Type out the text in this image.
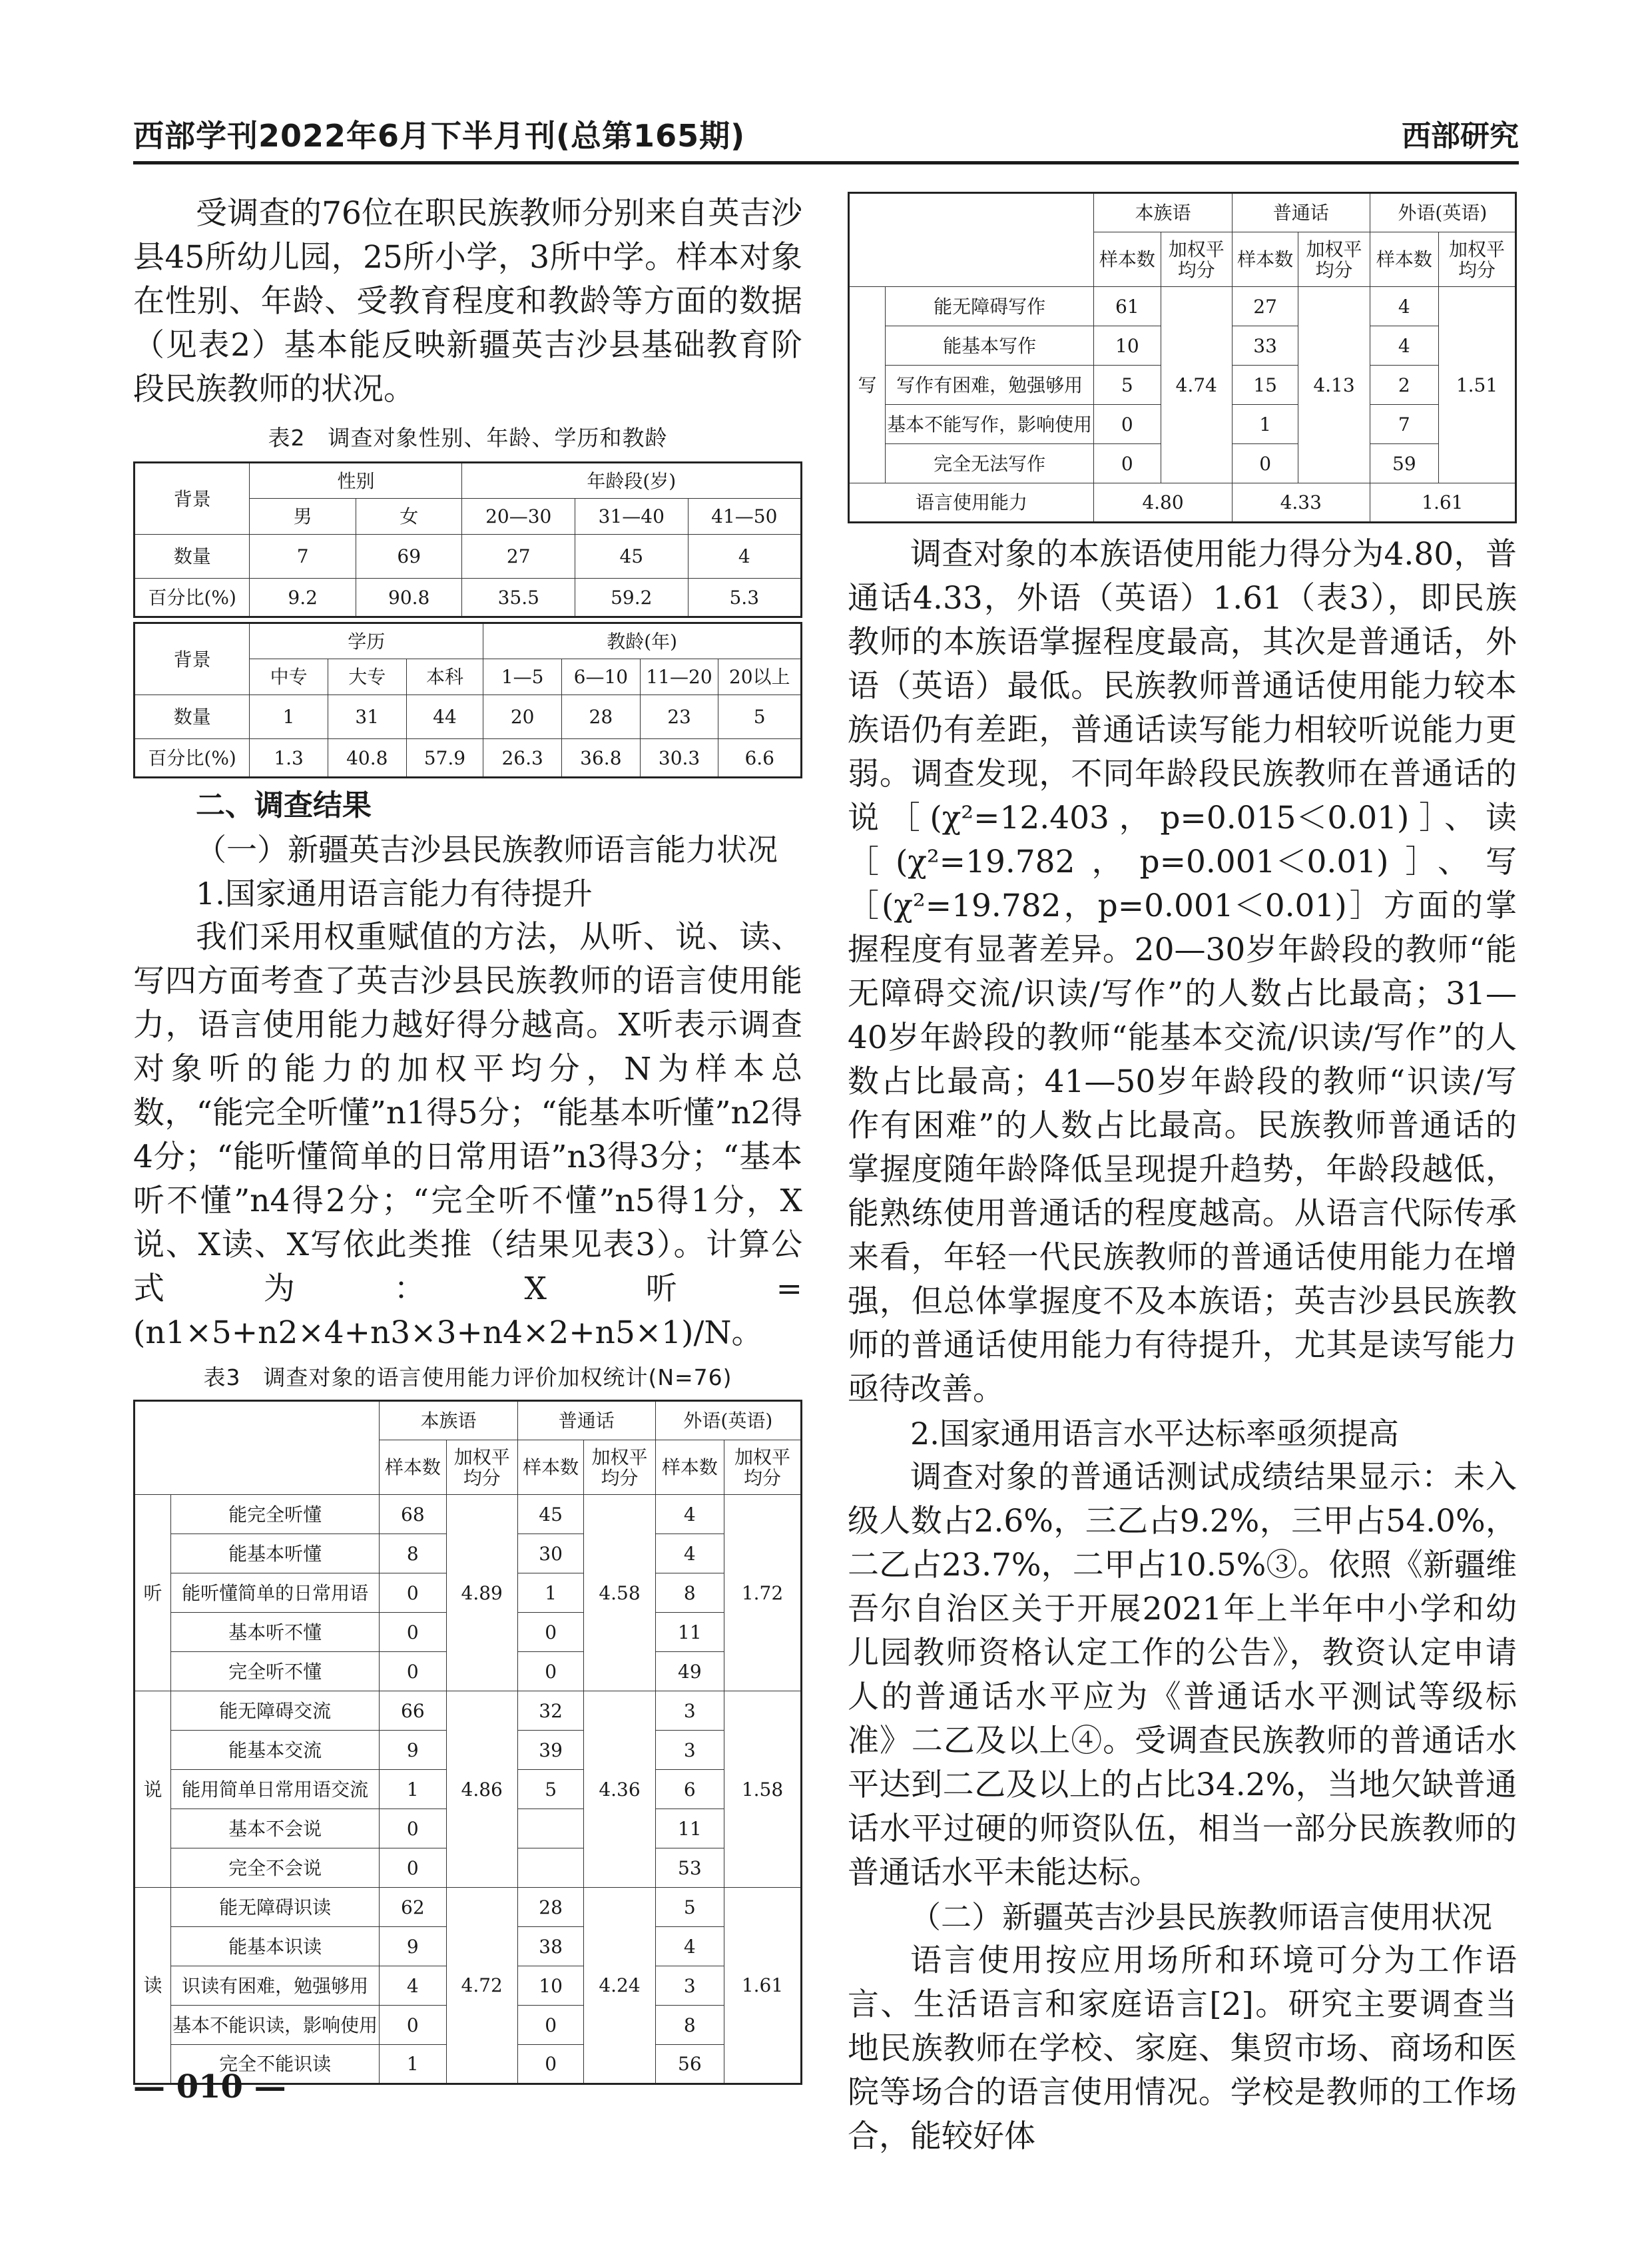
西部学刊2022年6月下半月刊(总第165期)	西部研究

受调查的76位在职民族教师分别来自英吉沙县45所幼儿园，25所小学，3所中学。样本对象在性别、年龄、受教育程度和教龄等方面的数据（见表2）基本能反映新疆英吉沙县基础教育阶段民族教师的状况。

表2　调查对象性别、年龄、学历和教龄
背景	性别		年龄段(岁)		
	男	女	20—30	31—40	41—50
数量	7	69	27	45	4
百分比(%)	9.2	90.8	35.5	59.2	5.3
背景	学历			教龄(年)			
	中专	大专	本科	1—5	6—10	11—20	20以上
数量	1	31	44	20	28	23	5
百分比(%)	1.3	40.8	57.9	26.3	36.8	30.3	6.6
二、调查结果
（一）新疆英吉沙县民族教师语言能力状况
1.国家通用语言能力有待提升

我们采用权重赋值的方法，从听、说、读、写四方面考查了英吉沙县民族教师的语言使用能力，语言使用能力越好得分越高。X听表示调查对象听的能力的加权平均分，N为样本总数，“能完全听懂”n1得5分；“能基本听懂”n2得4分；“能听懂简单的日常用语”n3得3分；“基本听不懂”n4得2分；“完全听不懂”n5得1分，X说、X读、X写依此类推（结果见表3）。计算公式为：X听=(n1×5+n2×4+n3×3+n4×2+n5×1)/N。

表3　调查对象的语言使用能力评价加权统计(N=76)
		本族语		普通话		外语(英语)	
		样本数	加权平均分	样本数	加权平均分	样本数	加权平均分
听	能完全听懂	68	4.89	45	4.58	4	1.72
	能基本听懂	8		30		4	
	能听懂简单的日常用语	0		1		8	
	基本听不懂	0		0		11	
	完全听不懂	0		0		49	
说	能无障碍交流	66	4.86	32	4.36	3	1.58
	能基本交流	9		39		3	
	能用简单日常用语交流	1		5		6	
	基本不会说	0				11	
	完全不会说	0				53	
读	能无障碍识读	62	4.72	28	4.24	5	1.61
	能基本识读	9		38		4	
	识读有困难，勉强够用	4		10		3	
	基本不能识读，影响使用	0		0		8	
	完全不能识读	1		0		56	
		本族语		普通话		外语(英语)	
		样本数	加权平均分	样本数	加权平均分	样本数	加权平均分
写	能无障碍写作	61	4.74	27	4.13	4	1.51
	能基本写作	10		33		4	
	写作有困难，勉强够用	5		15		2	
	基本不能写作，影响使用	0		1		7	
	完全无法写作	0		0		59	
语言使用能力		4.80		4.33		1.61	

调查对象的本族语使用能力得分为4.80，普通话4.33，外语（英语）1.61（表3），即民族教师的本族语掌握程度最高，其次是普通话，外语（英语）最低。民族教师普通话使用能力较本族语仍有差距，普通话读写能力相较听说能力更弱。调查发现，不同年龄段民族教师在普通话的说［(χ²=12.403，p=0.015＜0.01)］、读［(χ²=19.782，p=0.001＜0.01)］、写［(χ²=19.782，p=0.001＜0.01)］方面的掌握程度有显著差异。20—30岁年龄段的教师“能无障碍交流/识读/写作”的人数占比最高；31—40岁年龄段的教师“能基本交流/识读/写作”的人数占比最高；41—50岁年龄段的教师“识读/写作有困难”的人数占比最高。民族教师普通话的掌握度随年龄降低呈现提升趋势，年龄段越低，能熟练使用普通话的程度越高。从语言代际传承来看，年轻一代民族教师的普通话使用能力在增强，但总体掌握度不及本族语；英吉沙县民族教师的普通话使用能力有待提升，尤其是读写能力亟待改善。

2.国家通用语言水平达标率亟须提高

调查对象的普通话测试成绩结果显示：未入级人数占2.6%，三乙占9.2%，三甲占54.0%，二乙占23.7%，二甲占10.5%③。依照《新疆维吾尔自治区关于开展2021年上半年中小学和幼儿园教师资格认定工作的公告》，教资认定申请人的普通话水平应为《普通话水平测试等级标准》二乙及以上④。受调查民族教师的普通话水平达到二乙及以上的占比34.2%，当地欠缺普通话水平过硬的师资队伍，相当一部分民族教师的普通话水平未能达标。

（二）新疆英吉沙县民族教师语言使用状况

语言使用按应用场所和环境可分为工作语言、生活语言和家庭语言[2]。研究主要调查当地民族教师在学校、家庭、集贸市场、商场和医院等场合的语言使用情况。学校是教师的工作场合，能较好体

— 010 —
